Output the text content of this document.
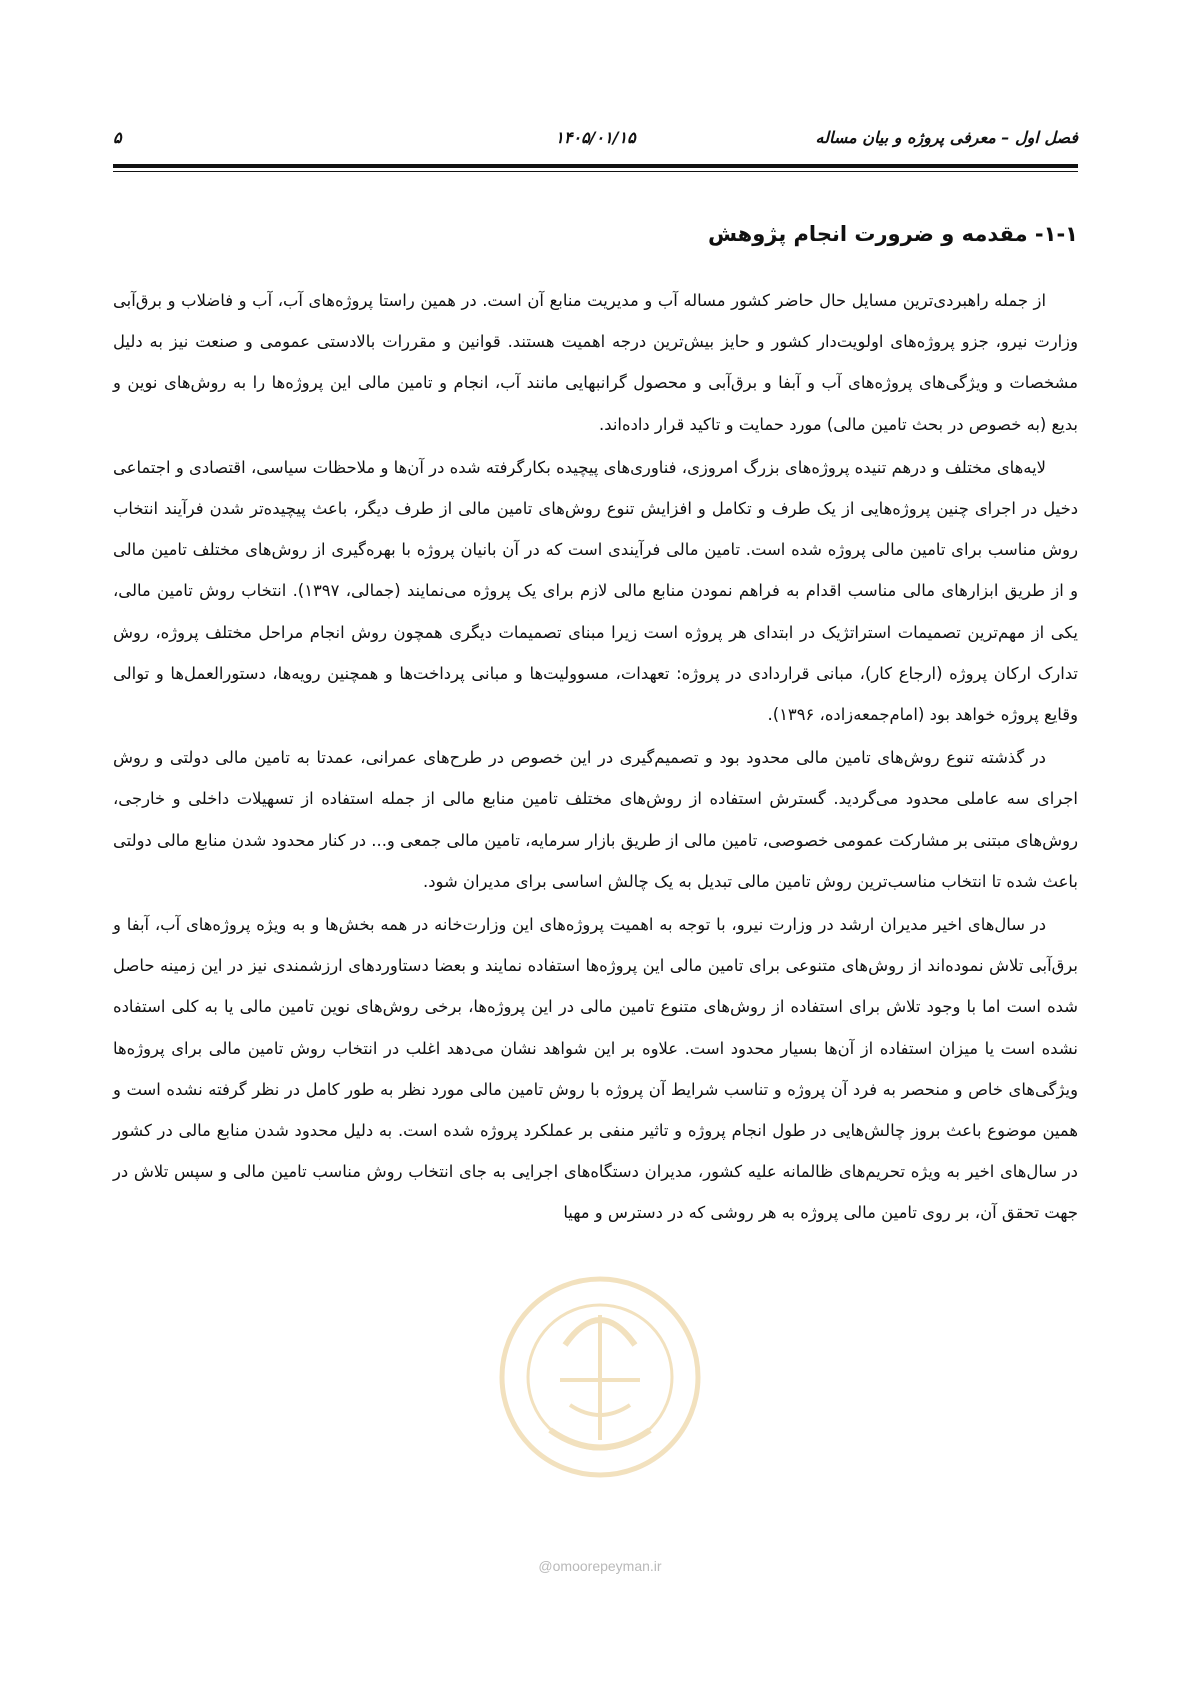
فصل اول – معرفی پروژه و بیان مساله
۱۴۰۵/۰۱/۱۵
۵
۱-۱- مقدمه و ضرورت انجام پژوهش

از جمله راهبردی‌ترین مسایل حال حاضر کشور مساله آب و مدیریت منابع آن است. در همین راستا پروژه‌های آب، آب و فاضلاب و برق‌آبی وزارت نیرو، جزو پروژه‌های اولویت‌دار کشور و حایز بیش‌ترین درجه اهمیت هستند. قوانین و مقررات بالادستی عمومی و صنعت نیز به دلیل مشخصات و ویژگی‌های پروژه‌های آب و آبفا و برق‌آبی و محصول گرانبهایی مانند آب، انجام و تامین مالی این پروژه‌ها را به روش‌های نوین و بدیع (به خصوص در بحث تامین مالی) مورد حمایت و تاکید قرار داده‌اند.

لایه‌های مختلف و درهم تنیده پروژه‌های بزرگ امروزی، فناوری‌های پیچیده بکارگرفته شده در آن‌ها و ملاحظات سیاسی، اقتصادی و اجتماعی دخیل در اجرای چنین پروژه‌هایی از یک طرف و تکامل و افزایش تنوع روش‌های تامین مالی از طرف دیگر، باعث پیچیده‌تر شدن فرآیند انتخاب روش مناسب برای تامین مالی پروژه شده است. تامین مالی فرآیندی است که در آن بانیان پروژه با بهره‌گیری از روش‌های مختلف تامین مالی و از طریق ابزارهای مالی مناسب اقدام به فراهم نمودن منابع مالی لازم برای یک پروژه می‌نمایند (جمالی، ۱۳۹۷). انتخاب روش تامین مالی، یکی از مهم‌ترین تصمیمات استراتژیک در ابتدای هر پروژه است زیرا مبنای تصمیمات دیگری همچون روش انجام مراحل مختلف پروژه، روش تدارک ارکان پروژه (ارجاع کار)، مبانی قراردادی در پروژه: تعهدات، مسوولیت‌ها و مبانی پرداخت‌ها و همچنین رویه‌ها، دستورالعمل‌ها و توالی وقایع پروژه خواهد بود (امام‌جمعه‌زاده، ۱۳۹۶).

در گذشته تنوع روش‌های تامین مالی محدود بود و تصمیم‌گیری در این خصوص در طرح‌های عمرانی، عمدتا به تامین مالی دولتی و روش اجرای سه عاملی محدود می‌گردید. گسترش استفاده از روش‌های مختلف تامین منابع مالی از جمله استفاده از تسهیلات داخلی و خارجی، روش‌های مبتنی بر مشارکت عمومی خصوصی، تامین مالی از طریق بازار سرمایه، تامین مالی جمعی و... در کنار محدود شدن منابع مالی دولتی باعث شده تا انتخاب مناسب‌ترین روش تامین مالی تبدیل به یک چالش اساسی برای مدیران شود.

در سال‌های اخیر مدیران ارشد در وزارت نیرو، با توجه به اهمیت پروژه‌های این وزارت‌خانه در همه بخش‌ها و به ویژه پروژه‌های آب، آبفا و برق‌آبی تلاش نموده‌اند از روش‌های متنوعی برای تامین مالی این پروژه‌ها استفاده نمایند و بعضا دستاوردهای ارزشمندی نیز در این زمینه حاصل شده است اما با وجود تلاش برای استفاده از روش‌های متنوع تامین مالی در این پروژه‌ها، برخی روش‌های نوین تامین مالی یا به کلی استفاده نشده است یا میزان استفاده از آن‌ها بسیار محدود است. علاوه بر این شواهد نشان می‌دهد اغلب در انتخاب روش تامین مالی برای پروژه‌ها ویژگی‌های خاص و منحصر به فرد آن پروژه و تناسب شرایط آن پروژه با روش تامین مالی مورد نظر به طور کامل در نظر گرفته نشده است و همین موضوع باعث بروز چالش‌هایی در طول انجام پروژه و تاثیر منفی بر عملکرد پروژه شده است. به دلیل محدود شدن منابع مالی در کشور در سال‌های اخیر به ویژه تحریم‌های ظالمانه علیه کشور، مدیران دستگاه‌های اجرایی به جای انتخاب روش مناسب تامین مالی و سپس تلاش در جهت تحقق آن، بر روی تامین مالی پروژه به هر روشی که در دسترس و مهیا

@omoorepeyman.ir
